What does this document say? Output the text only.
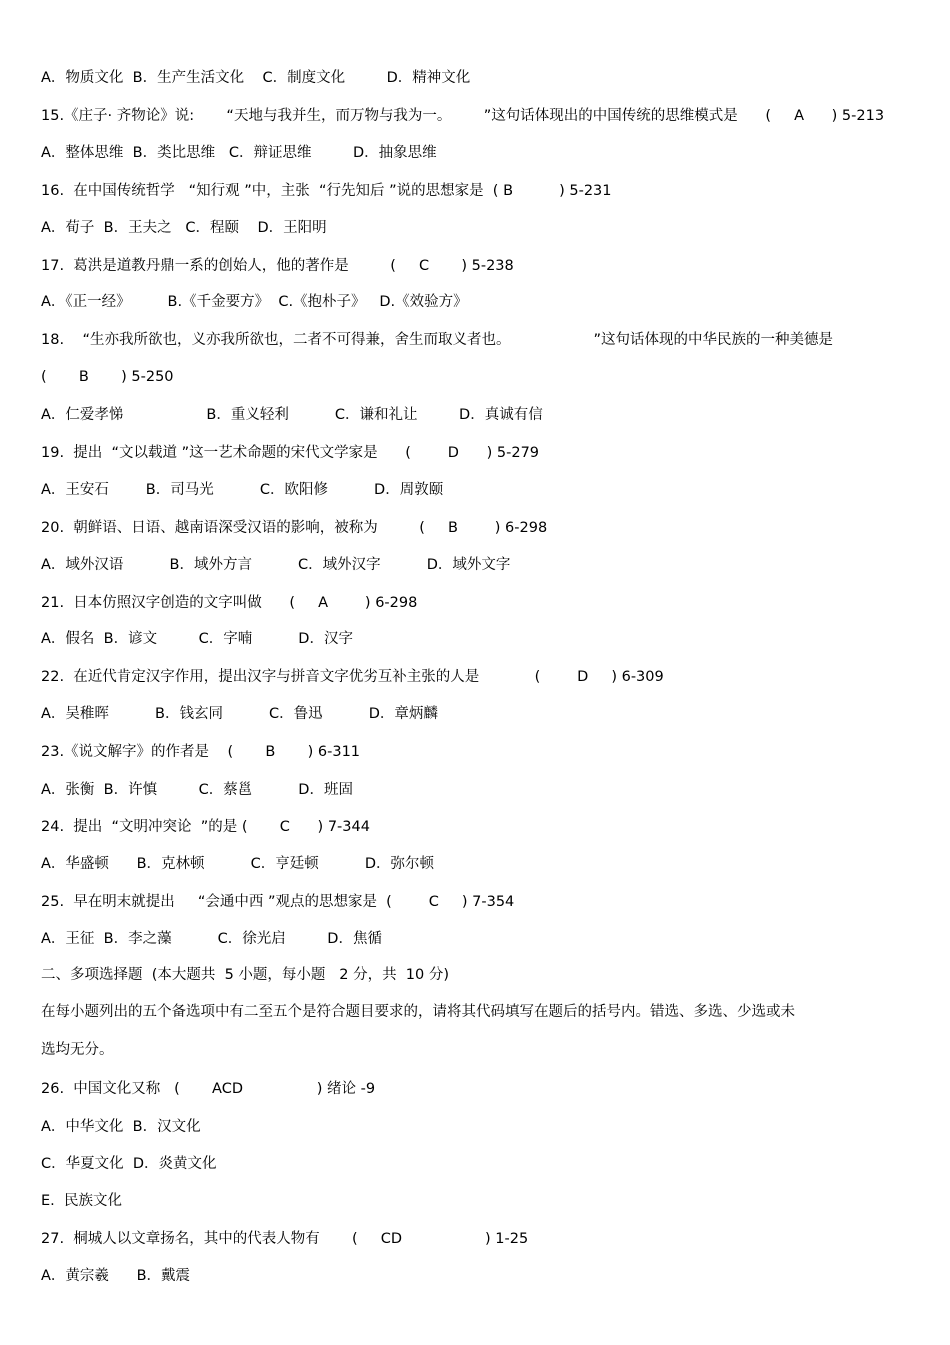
A．物质文化  B．生产生活文化    C．制度文化         D．精神文化
15.《庄子· 齐物论》说:       “天地与我并生，而万物与我为一。       ”这句话体现出的中国传统的思维模式是      (     A      ) 5-213
A．整体思维  B．类比思维   C．辩证思维         D．抽象思维
16.  在中国传统哲学   “知行观 ”中，主张  “行先知后 ”说的思想家是  ( B          ) 5-231
A．荀子  B．王夫之   C．程颐    D．王阳明
17.  葛洪是道教丹鼎一系的创始人，他的著作是         (     C       ) 5-238
A．《正一经》        B.《千金要方》  C.《抱朴子》   D.《效验方》
18.    “生亦我所欲也，义亦我所欲也，二者不可得兼，舍生而取义者也。                  ”这句话体现的中华民族的一种美德是
(       B       ) 5-250
A．仁爱孝悌                  B．重义轻利          C．谦和礼让         D．真诚有信
19.  提出  “文以载道 ”这一艺术命题的宋代文学家是      (        D      ) 5-279
A．王安石        B．司马光          C．欧阳修          D．周敦颐
20.  朝鲜语、日语、越南语深受汉语的影响，被称为         (     B        ) 6-298
A．域外汉语          B．域外方言          C．域外汉字          D．域外文字
21.  日本仿照汉字创造的文字叫做      (     A        ) 6-298
A．假名  B．谚文         C．字喃          D．汉字
22.  在近代肯定汉字作用，提出汉字与拼音文字优劣互补主张的人是            (        D     ) 6-309
A．吴稚晖          B．钱玄同          C．鲁迅          D．章炳麟
23.《说文解字》的作者是    (       B       ) 6-311
A．张衡  B．许慎         C．蔡邕          D．班固
24.  提出  “文明冲突论  ”的是 (       C      ) 7-344
A．华盛顿      B．克林顿          C．亨廷顿          D．弥尔顿
25.  早在明末就提出     “会通中西 ”观点的思想家是  (        C     ) 7-354
A．王征  B．李之藻          C．徐光启         D．焦循
二、多项选择题  (本大题共  5 小题，每小题   2 分，共  10 分)
在每小题列出的五个备选项中有二至五个是符合题目要求的，请将其代码填写在题后的括号内。错选、多选、少选或未
选均无分。
26.  中国文化又称   (       ACD                ) 绪论 -9
A．中华文化  B．汉文化
C．华夏文化  D．炎黄文化
E.  民族文化
27.  桐城人以文章扬名，其中的代表人物有       (     CD                  ) 1-25
A．黄宗羲      B．戴震
